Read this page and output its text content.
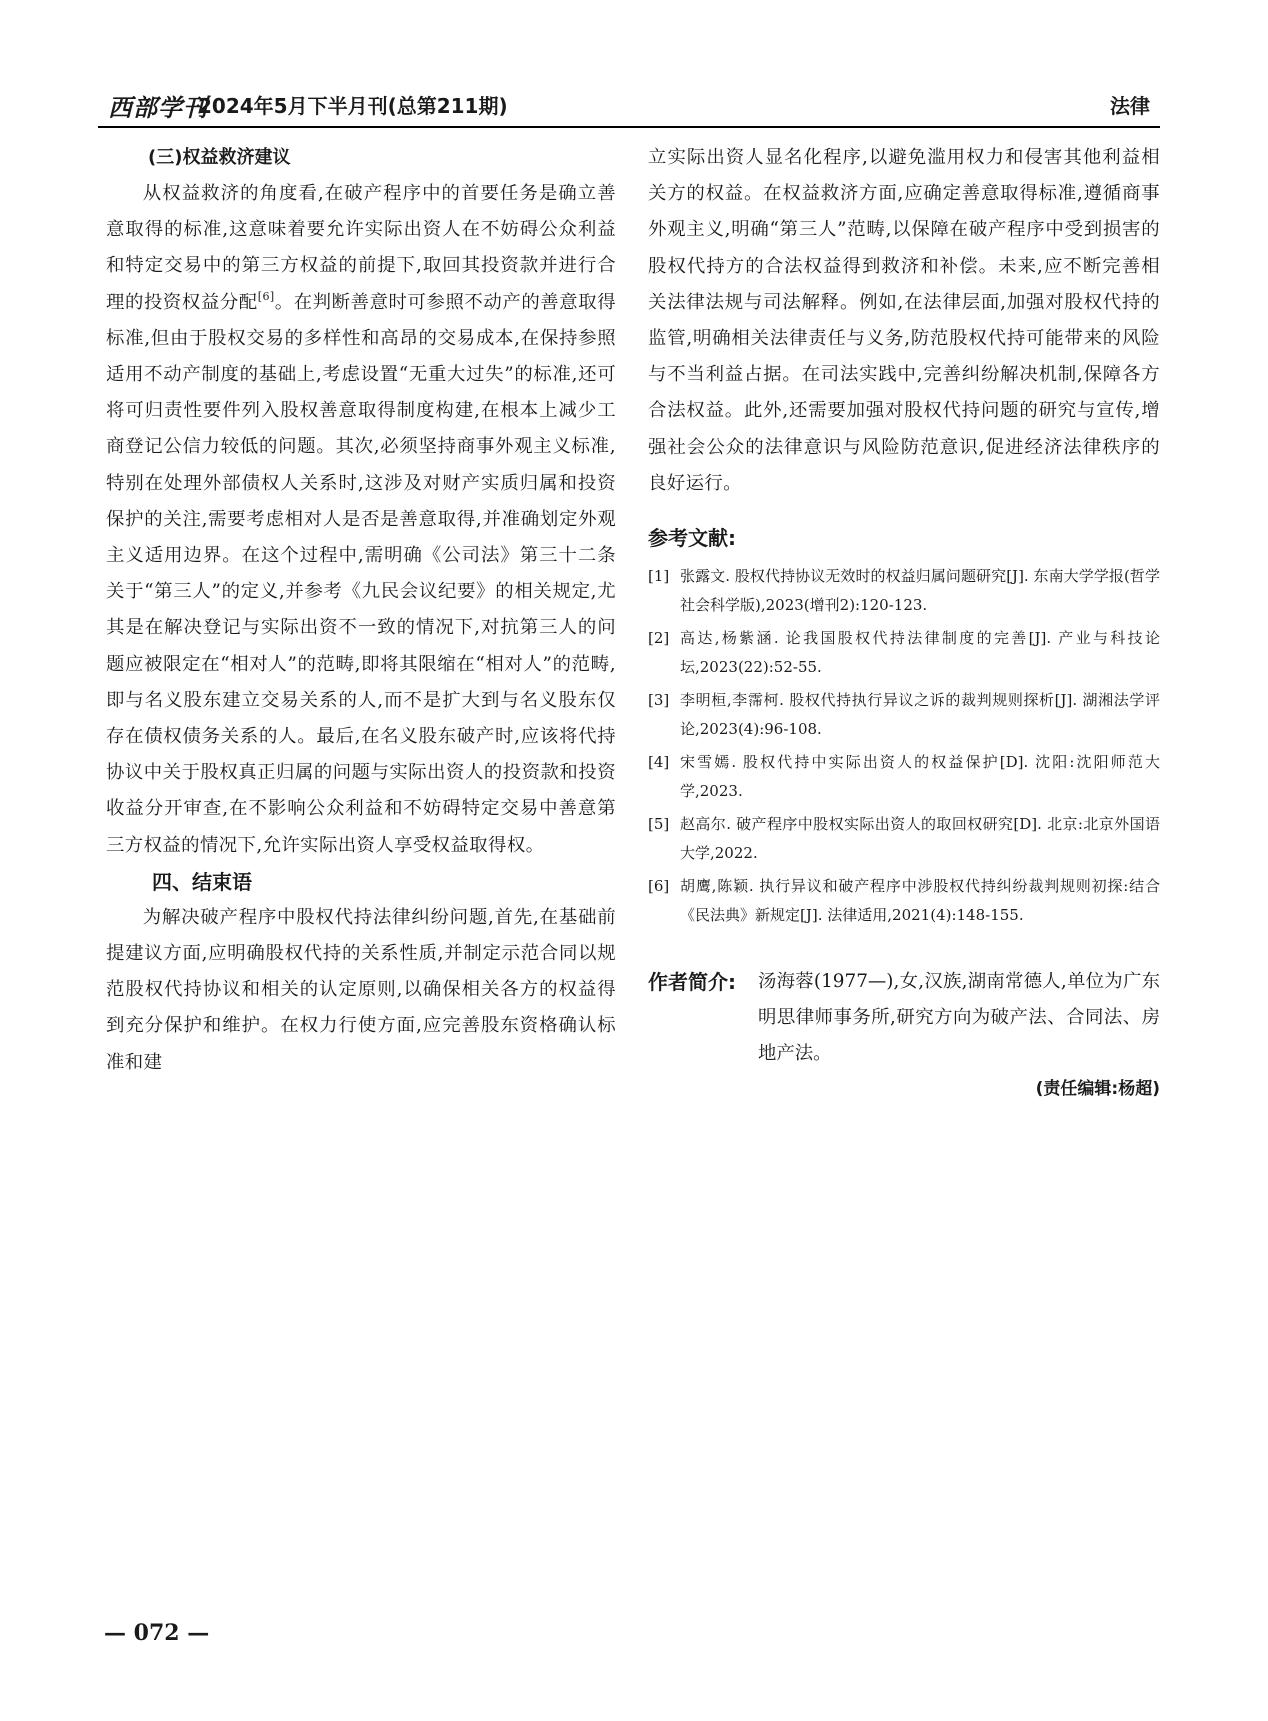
西部学刊
2024年5月下半月刊(总第211期)	法律
(三)权益救济建议

从权益救济的角度看,在破产程序中的首要任务是确立善意取得的标准,这意味着要允许实际出资人在不妨碍公众利益和特定交易中的第三方权益的前提下,取回其投资款并进行合理的投资权益分配[6]。在判断善意时可参照不动产的善意取得标准,但由于股权交易的多样性和高昂的交易成本,在保持参照适用不动产制度的基础上,考虑设置“无重大过失”的标准,还可将可归责性要件列入股权善意取得制度构建,在根本上减少工商登记公信力较低的问题。其次,必须坚持商事外观主义标准,特别在处理外部债权人关系时,这涉及对财产实质归属和投资保护的关注,需要考虑相对人是否是善意取得,并准确划定外观主义适用边界。在这个过程中,需明确《公司法》第三十二条关于“第三人”的定义,并参考《九民会议纪要》的相关规定,尤其是在解决登记与实际出资不一致的情况下,对抗第三人的问题应被限定在“相对人”的范畴,即将其限缩在“相对人”的范畴,即与名义股东建立交易关系的人,而不是扩大到与名义股东仅存在债权债务关系的人。最后,在名义股东破产时,应该将代持协议中关于股权真正归属的问题与实际出资人的投资款和投资收益分开审查,在不影响公众利益和不妨碍特定交易中善意第三方权益的情况下,允许实际出资人享受权益取得权。

四、结束语

为解决破产程序中股权代持法律纠纷问题,首先,在基础前提建议方面,应明确股权代持的关系性质,并制定示范合同以规范股权代持协议和相关的认定原则,以确保相关各方的权益得到充分保护和维护。在权力行使方面,应完善股东资格确认标准和建

立实际出资人显名化程序,以避免滥用权力和侵害其他利益相关方的权益。在权益救济方面,应确定善意取得标准,遵循商事外观主义,明确“第三人”范畴,以保障在破产程序中受到损害的股权代持方的合法权益得到救济和补偿。未来,应不断完善相关法律法规与司法解释。例如,在法律层面,加强对股权代持的监管,明确相关法律责任与义务,防范股权代持可能带来的风险与不当利益占据。在司法实践中,完善纠纷解决机制,保障各方合法权益。此外,还需要加强对股权代持问题的研究与宣传,增强社会公众的法律意识与风险防范意识,促进经济法律秩序的良好运行。

参考文献:

[1] 张露文. 股权代持协议无效时的权益归属问题研究[J]. 东南大学学报(哲学社会科学版),2023(增刊2):120-123.

[2] 高达,杨紫涵. 论我国股权代持法律制度的完善[J]. 产业与科技论坛,2023(22):52-55.

[3] 李明桓,李霈柯. 股权代持执行异议之诉的裁判规则探析[J]. 湖湘法学评论,2023(4):96-108.

[4] 宋雪嫣. 股权代持中实际出资人的权益保护[D]. 沈阳:沈阳师范大学,2023.

[5] 赵高尔. 破产程序中股权实际出资人的取回权研究[D]. 北京:北京外国语大学,2022.

[6] 胡鹰,陈颖. 执行异议和破产程序中涉股权代持纠纷裁判规则初探:结合《民法典》新规定[J]. 法律适用,2021(4):148-155.

作者简介: 汤海蓉(1977—),女,汉族,湖南常德人,单位为广东明思律师事务所,研究方向为破产法、合同法、房地产法。
(责任编辑:杨超)
— 072 —
